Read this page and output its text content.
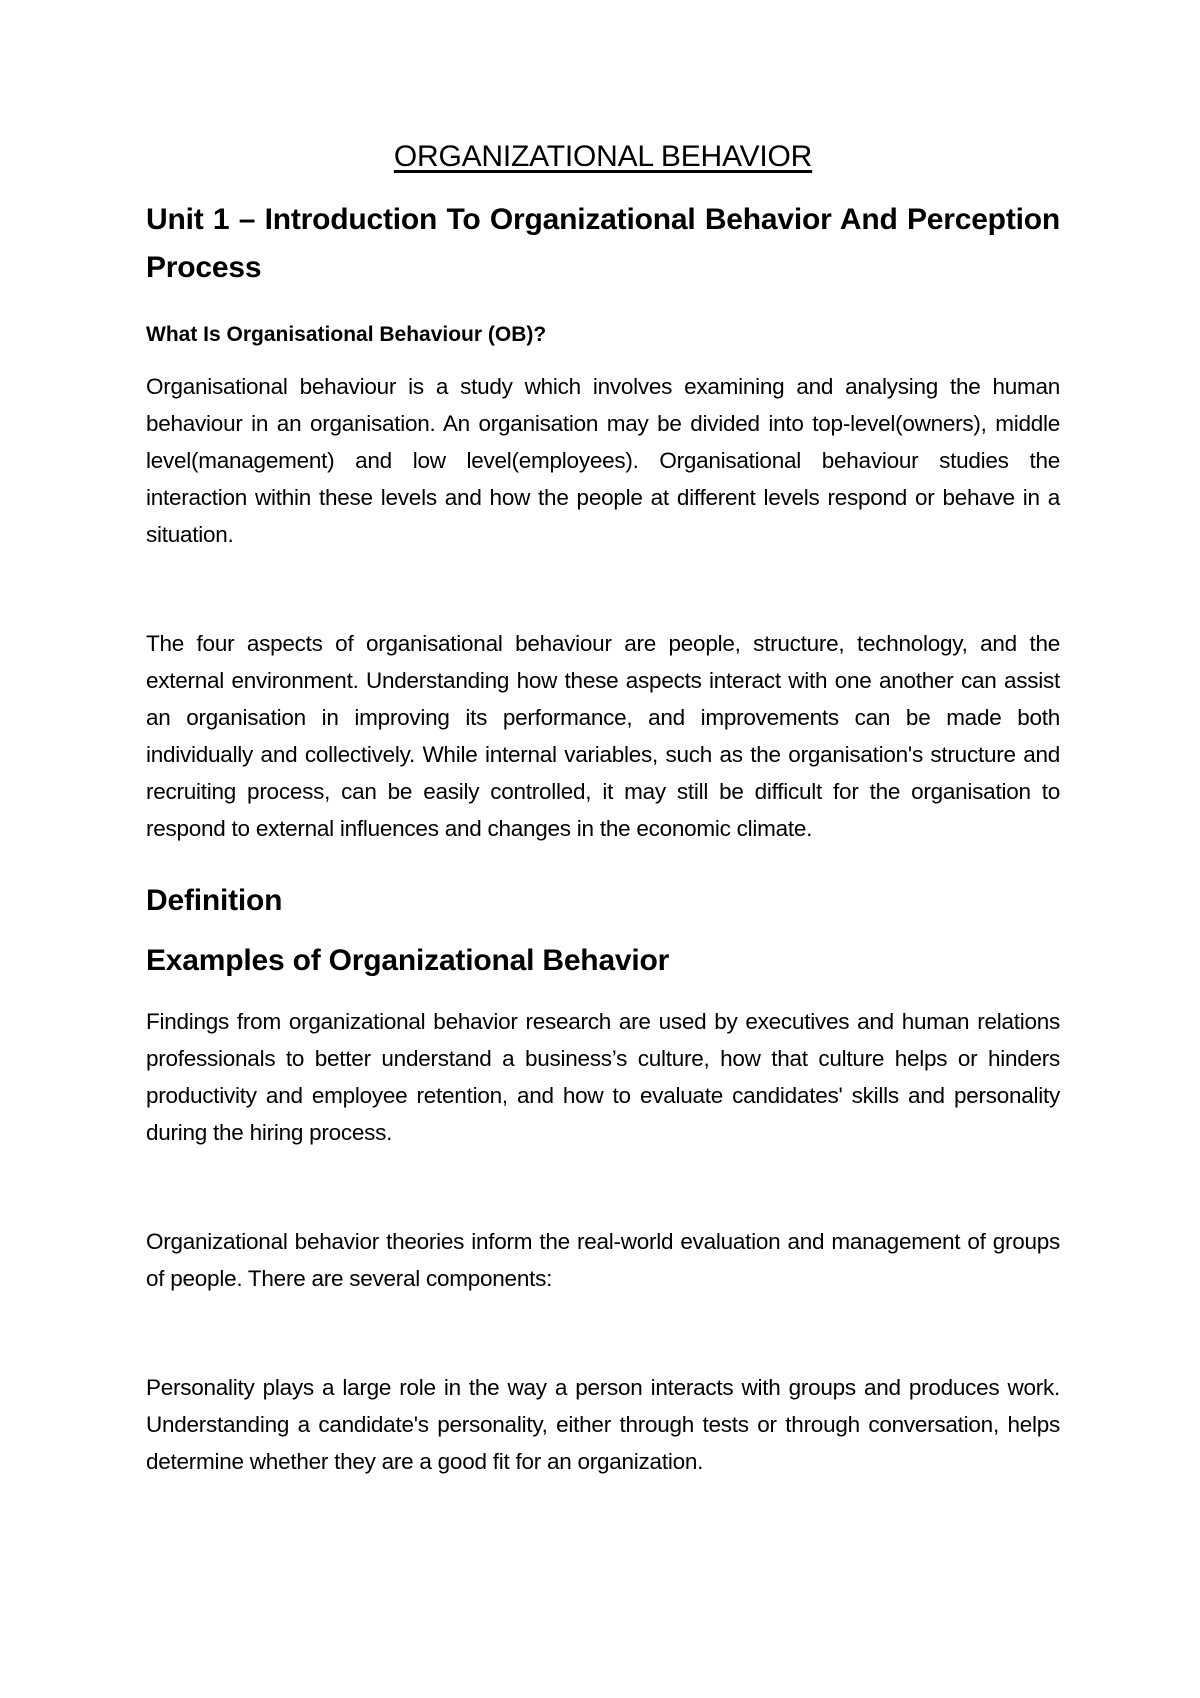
ORGANIZATIONAL BEHAVIOR
Unit 1 – Introduction To Organizational Behavior And Perception Process
What Is Organisational Behaviour (OB)?

Organisational behaviour is a study which involves examining and analysing the human behaviour in an organisation. An organisation may be divided into top-level(owners), middle level(management) and low level(employees). Organisational behaviour studies the interaction within these levels and how the people at different levels respond or behave in a situation.

The four aspects of organisational behaviour are people, structure, technology, and the external environment. Understanding how these aspects interact with one another can assist an organisation in improving its performance, and improvements can be made both individually and collectively. While internal variables, such as the organisation's structure and recruiting process, can be easily controlled, it may still be difficult for the organisation to respond to external influences and changes in the economic climate.

Definition
Examples of Organizational Behavior

Findings from organizational behavior research are used by executives and human relations professionals to better understand a business’s culture, how that culture helps or hinders productivity and employee retention, and how to evaluate candidates' skills and personality during the hiring process.

Organizational behavior theories inform the real-world evaluation and management of groups of people. There are several components:

Personality plays a large role in the way a person interacts with groups and produces work. Understanding a candidate's personality, either through tests or through conversation, helps determine whether they are a good fit for an organization.
